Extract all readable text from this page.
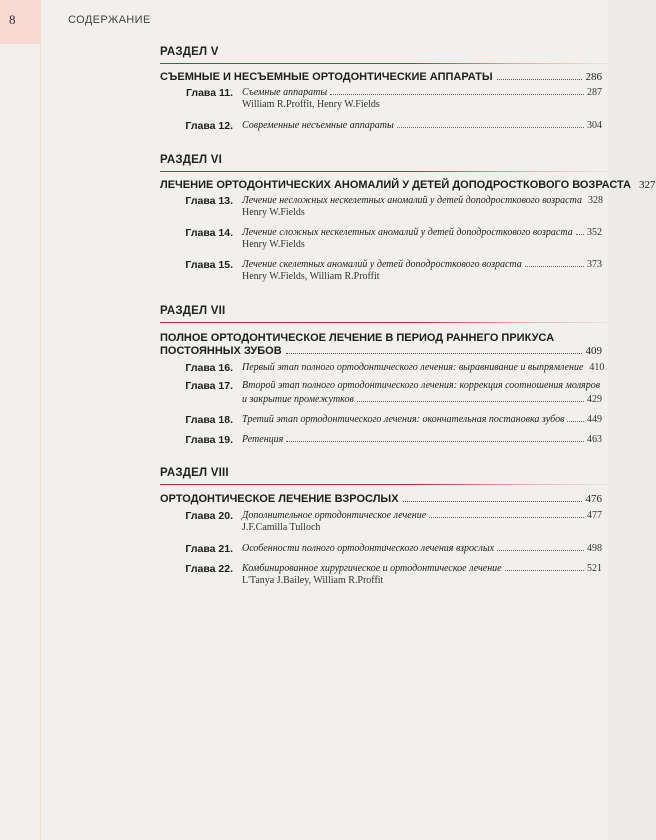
8	СОДЕРЖАНИЕ
РАЗДЕЛ V
СЪЕМНЫЕ И НЕСЪЕМНЫЕ ОРТОДОНТИЧЕСКИЕ АППАРАТЫ	286
Глава 11. Съемные аппараты	287
William R.Proffit, Henry W.Fields
Глава 12. Современные несъемные аппараты	304
РАЗДЕЛ VI
ЛЕЧЕНИЕ ОРТОДОНТИЧЕСКИХ АНОМАЛИЙ У ДЕТЕЙ ДОПОДРОСТКОВОГО ВОЗРАСТА 327
Глава 13. Лечение несложных нескелетных аномалий у детей доподросткового возраста 328
Henry W.Fields
Глава 14. Лечение сложных нескелетных аномалий у детей доподросткового возраста 352
Henry W.Fields
Глава 15. Лечение скелетных аномалий у детей доподросткового возраста	373
Henry W.Fields, William R.Proffit
РАЗДЕЛ VII
ПОЛНОЕ ОРТОДОНТИЧЕСКОЕ ЛЕЧЕНИЕ В ПЕРИОД РАННЕГО ПРИКУСА
ПОСТОЯННЫХ ЗУБОВ	409
Глава 16. Первый этап полного ортодонтического лечения: выравнивание и выпрямление 410
Глава 17. Второй этап полного ортодонтического лечения: коррекция соотношения моляров
и закрытие промежутков	429
Глава 18. Третий этап ортодонтического лечения: окончательная постановка зубов 449
Глава 19. Ретенция	463
РАЗДЕЛ VIII
ОРТОДОНТИЧЕСКОЕ ЛЕЧЕНИЕ ВЗРОСЛЫХ	476
Глава 20. Дополнительное ортодонтическое лечение	477
J.F.Camilla Tulloch
Глава 21. Особенности полного ортодонтического лечения взрослых	498
Глава 22. Комбинированное хирургическое и ортодонтическое лечение	521
L'Tanya J.Bailey, William R.Proffit
